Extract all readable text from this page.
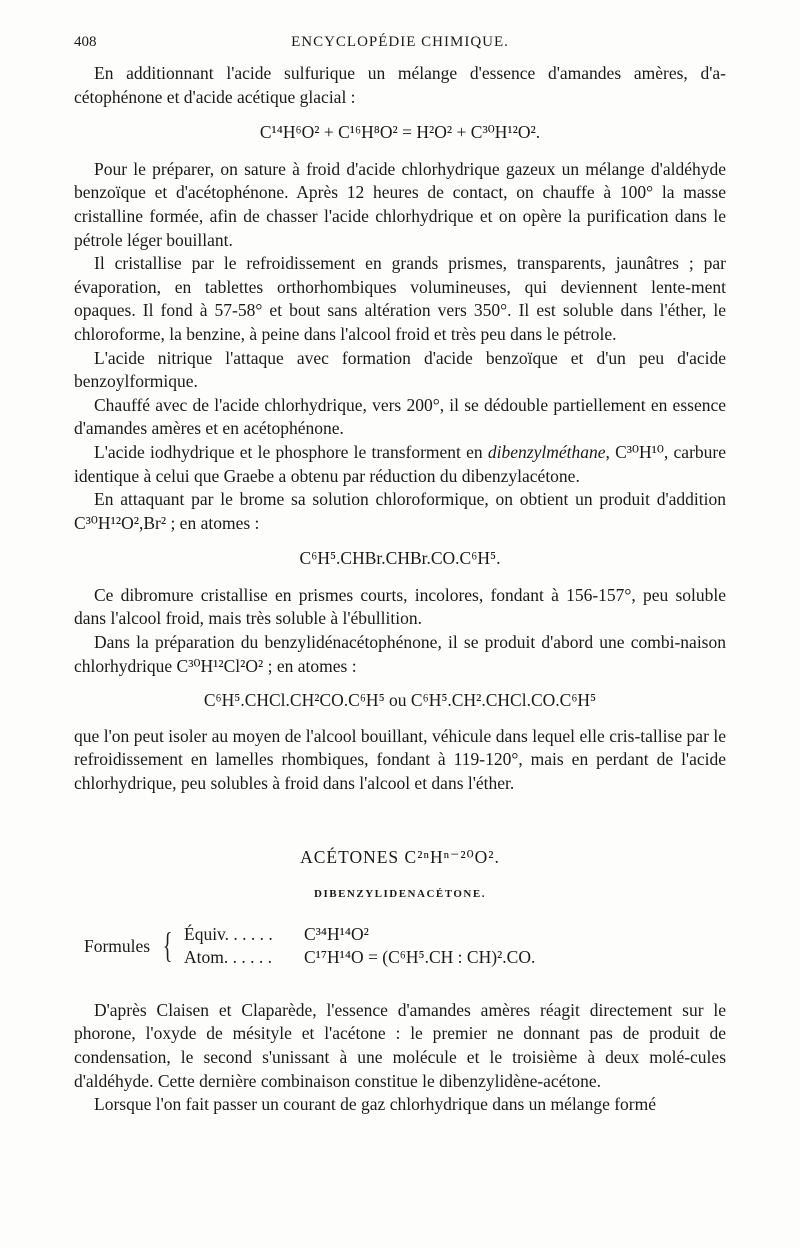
408	ENCYCLOPÉDIE CHIMIQUE.

En additionnant l'acide sulfurique un mélange d'essence d'amandes amères, d'a-cétophénone et d'acide acétique glacial :

C¹⁴H⁶O² + C¹⁶H⁸O² = H²O² + C³⁰H¹²O².

Pour le préparer, on sature à froid d'acide chlorhydrique gazeux un mélange d'aldéhyde benzoïque et d'acétophénone. Après 12 heures de contact, on chauffe à 100° la masse cristalline formée, afin de chasser l'acide chlorhydrique et on opère la purification dans le pétrole léger bouillant.

Il cristallise par le refroidissement en grands prismes, transparents, jaunâtres ; par évaporation, en tablettes orthorhombiques volumineuses, qui deviennent lente-ment opaques. Il fond à 57-58° et bout sans altération vers 350°. Il est soluble dans l'éther, le chloroforme, la benzine, à peine dans l'alcool froid et très peu dans le pétrole.

L'acide nitrique l'attaque avec formation d'acide benzoïque et d'un peu d'acide benzoylformique.

Chauffé avec de l'acide chlorhydrique, vers 200°, il se dédouble partiellement en essence d'amandes amères et en acétophénone.

L'acide iodhydrique et le phosphore le transforment en dibenzylméthane, C³⁰H¹⁰, carbure identique à celui que Graebe a obtenu par réduction du dibenzylacétone.

En attaquant par le brome sa solution chloroformique, on obtient un produit d'addition C³⁰H¹²O²,Br² ; en atomes :

C⁶H⁵.CHBr.CHBr.CO.C⁶H⁵.

Ce dibromure cristallise en prismes courts, incolores, fondant à 156-157°, peu soluble dans l'alcool froid, mais très soluble à l'ébullition.

Dans la préparation du benzylidénacétophénone, il se produit d'abord une combi-naison chlorhydrique C³⁰H¹²Cl²O² ; en atomes :

C⁶H⁵.CHCl.CH²CO.C⁶H⁵ ou C⁶H⁵.CH².CHCl.CO.C⁶H⁵

que l'on peut isoler au moyen de l'alcool bouillant, véhicule dans lequel elle cris-tallise par le refroidissement en lamelles rhombiques, fondant à 119-120°, mais en perdant de l'acide chlorhydrique, peu solubles à froid dans l'alcool et dans l'éther.

ACÉTONES C²ⁿHⁿ⁻²⁰O².
DIBENZYLIDENACÉTONE.
Formules { Équiv. . . . . . C³⁴H¹⁴O²
Atom. . . . . . C¹⁷H¹⁴O = (C⁶H⁵.CH : CH)².CO.

D'après Claisen et Claparède, l'essence d'amandes amères réagit directement sur le phorone, l'oxyde de mésityle et l'acétone : le premier ne donnant pas de produit de condensation, le second s'unissant à une molécule et le troisième à deux molé-cules d'aldéhyde. Cette dernière combinaison constitue le dibenzylidène-acétone.

Lorsque l'on fait passer un courant de gaz chlorhydrique dans un mélange formé
